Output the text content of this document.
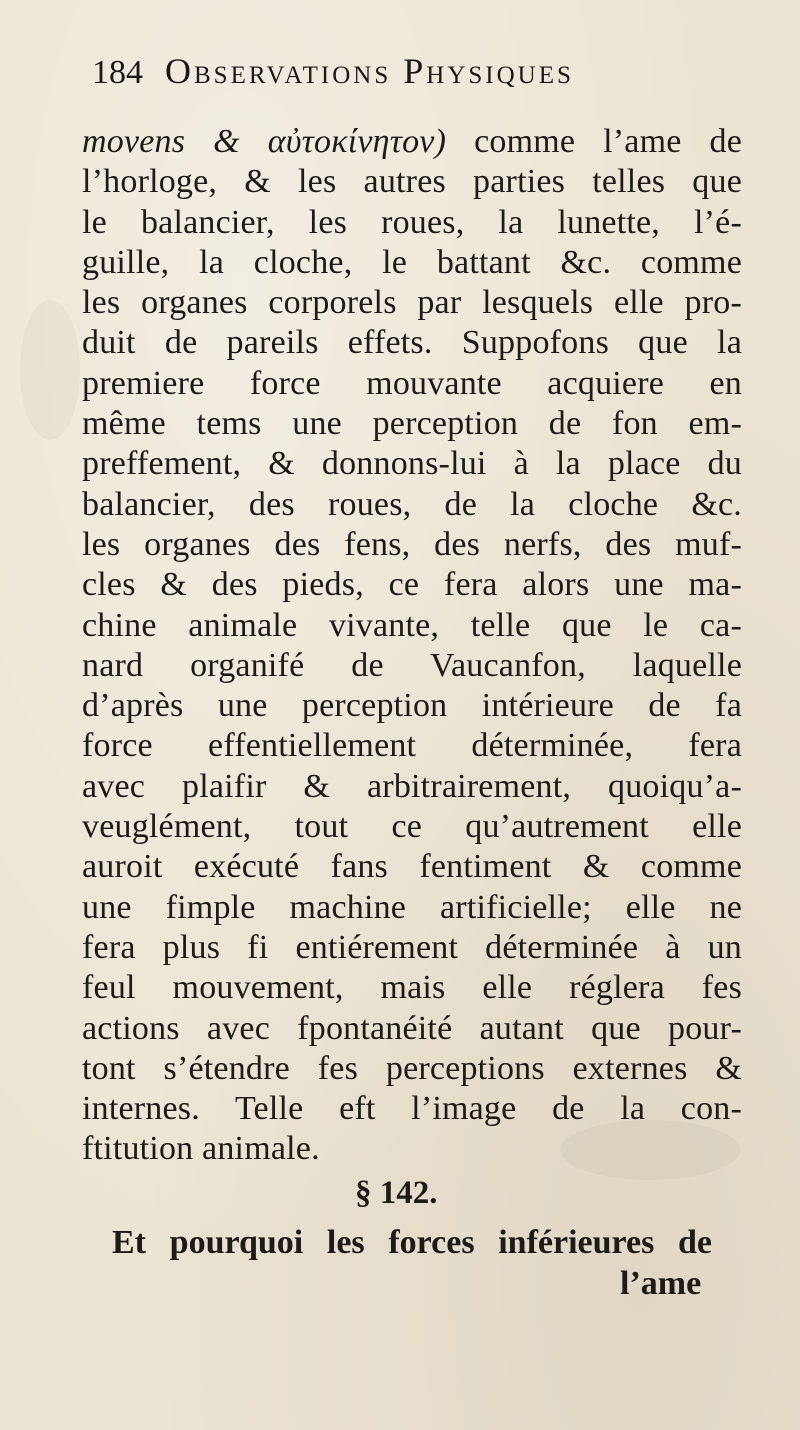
184 Observations Physiques
movens & αὐτοκίνητον) comme l’ame de
l’horloge, & les autres parties telles que
le balancier, les roues, la lunette, l’é-
guille, la cloche, le battant &c. comme
les organes corporels par lesquels elle pro-
duit de pareils effets. Suppofons que la
premiere force mouvante acquiere en
même tems une perception de fon em-
preffement, & donnons-lui à la place du
balancier, des roues, de la cloche &c.
les organes des fens, des nerfs, des muf-
cles & des pieds, ce fera alors une ma-
chine animale vivante, telle que le ca-
nard organifé de Vaucanfon, laquelle
d’après une perception intérieure de fa
force effentiellement déterminée, fera
avec plaifir & arbitrairement, quoiqu’a-
veuglément, tout ce qu’autrement elle
auroit exécuté fans fentiment & comme
une fimple machine artificielle; elle ne
fera plus fi entiérement déterminée à un
feul mouvement, mais elle réglera fes
actions avec fpontanéité autant que pour-
tont s’étendre fes perceptions externes &
internes. Telle eft l’image de la con-
ftitution animale.
§ 142.
Et pourquoi les forces inférieures de
l’ame
